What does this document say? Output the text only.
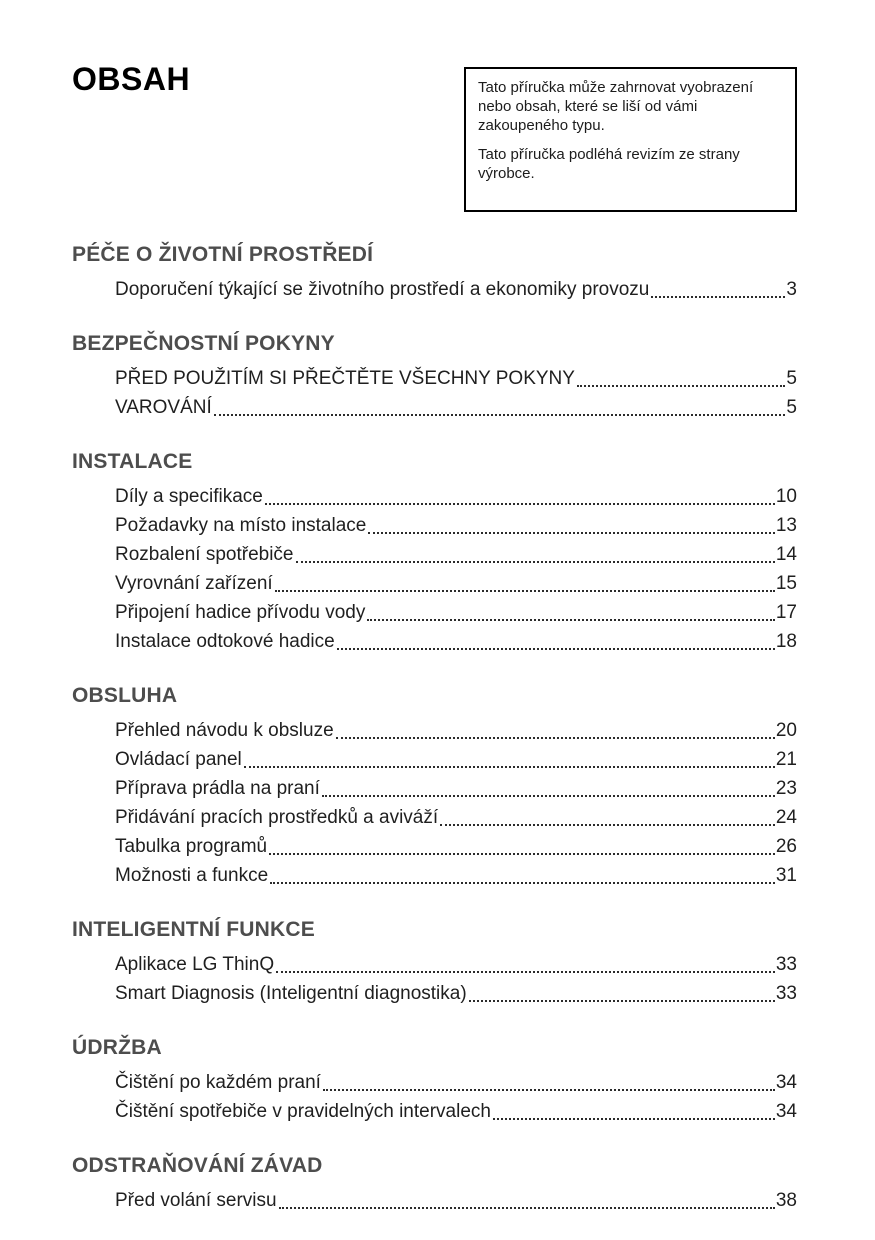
OBSAH	Tato příručka může zahrnovat vyobrazení nebo obsah, které se liší od vámi zakoupeného typu.

Tato příručka podléhá revizím ze strany výrobce.

PÉČE O ŽIVOTNÍ PROSTŘEDÍ
Doporučení týkající se životního prostředí a ekonomiky provozu	3
BEZPEČNOSTNÍ POKYNY
PŘED POUŽITÍM SI PŘEČTĚTE VŠECHNY POKYNY	5
VAROVÁNÍ	5
INSTALACE
Díly a specifikace	10
Požadavky na místo instalace	13
Rozbalení spotřebiče	14
Vyrovnání zařízení	15
Připojení hadice přívodu vody	17
Instalace odtokové hadice	18
OBSLUHA
Přehled návodu k obsluze	20
Ovládací panel	21
Příprava prádla na praní	23
Přidávání pracích prostředků a aviváží	24
Tabulka programů	26
Možnosti a funkce	31
INTELIGENTNÍ FUNKCE
Aplikace LG ThinQ	33
Smart Diagnosis (Inteligentní diagnostika)	33
ÚDRŽBA
Čištění po každém praní	34
Čištění spotřebiče v pravidelných intervalech	34
ODSTRAŇOVÁNÍ ZÁVAD
Před volání servisu	38
